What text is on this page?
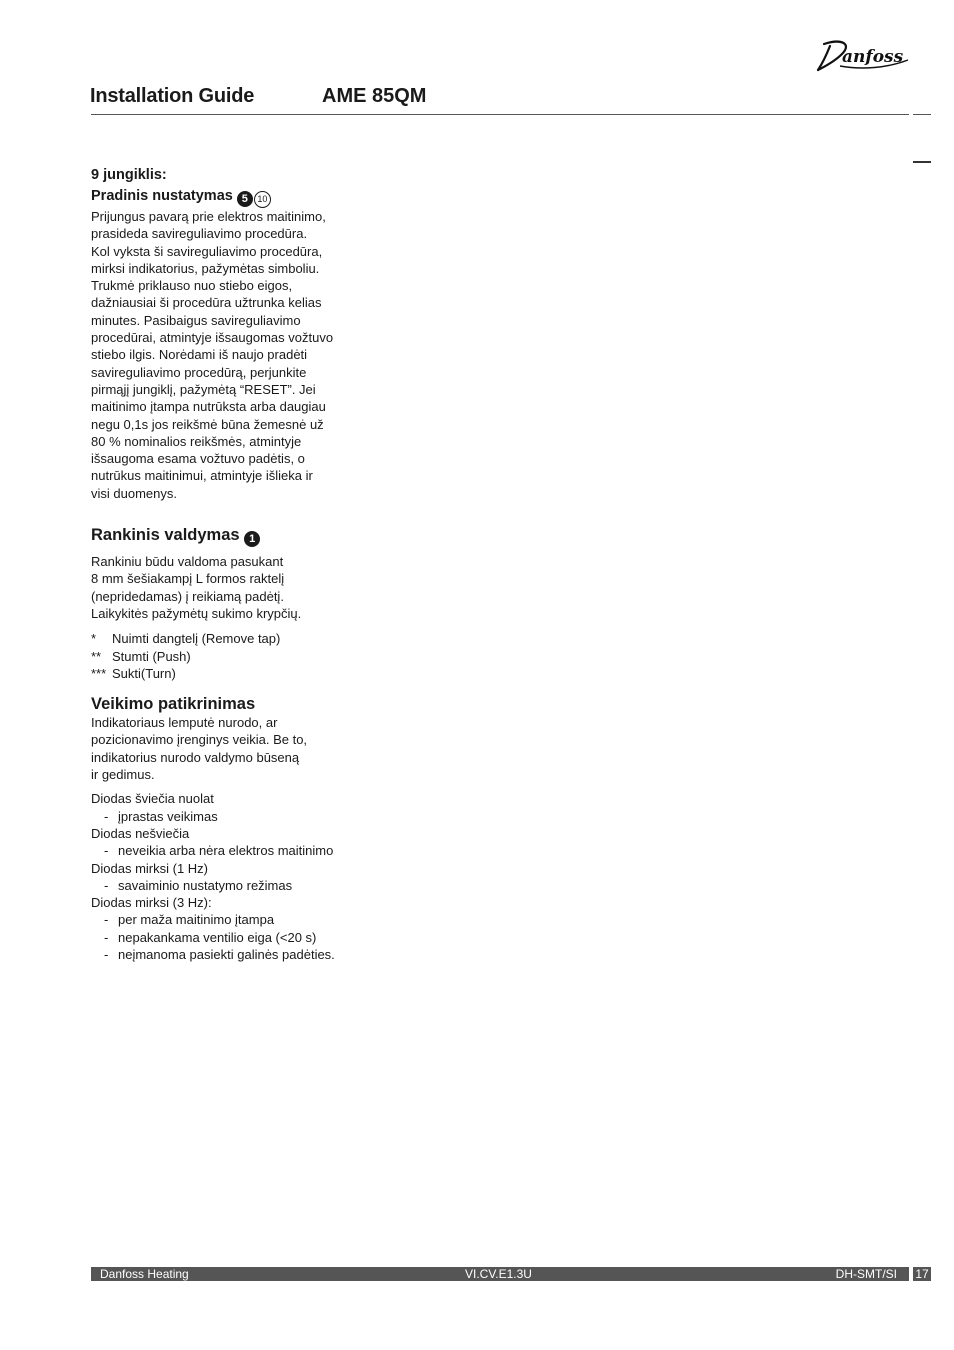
anfoss
Installation Guide	AME 85QM
9 jungiklis:
Pradinis nustatymas 5 10

Prijungus pavarą prie elektros maitinimo,

prasideda savireguliavimo procedūra.

Kol vyksta ši savireguliavimo procedūra,

mirksi indikatorius, pažymėtas simboliu.

Trukmė priklauso nuo stiebo eigos,

dažniausiai ši procedūra užtrunka kelias

minutes. Pasibaigus savireguliavimo

procedūrai, atmintyje išsaugomas vožtuvo

stiebo ilgis. Norėdami iš naujo pradėti

savireguliavimo procedūrą, perjunkite

pirmąjį jungiklį, pažymėtą “RESET”. Jei

maitinimo įtampa nutrūksta arba daugiau

negu 0,1s jos reikšmė būna žemesnė už

80 % nominalios reikšmės, atmintyje

išsaugoma esama vožtuvo padėtis, o

nutrūkus maitinimui, atmintyje išlieka ir

visi duomenys.

Rankinis valdymas 1

Rankiniu būdu valdoma pasukant

8 mm šešiakampį L formos raktelį

(nepridedamas) į reikiamą padėtį.

Laikykitės pažymėtų sukimo krypčių.

*	Nuimti dangtelį (Remove tap)
** Stumti (Push)
*** Sukti(Turn)
Veikimo patikrinimas

Indikatoriaus lemputė nurodo, ar

pozicionavimo įrenginys veikia. Be to,

indikatorius nurodo valdymo būseną

ir gedimus.

Diodas šviečia nuolat
- įprastas veikimas
Diodas nešviečia
- neveikia arba nėra elektros maitinimo
Diodas mirksi (1 Hz)
- savaiminio nustatymo režimas
Diodas mirksi (3 Hz):
- per maža maitinimo įtampa
- nepakankama ventilio eiga (<20 s)
- neįmanoma pasiekti galinės padėties.
Danfoss Heating	VI.CV.E1.3U	DH-SMT/SI 17
